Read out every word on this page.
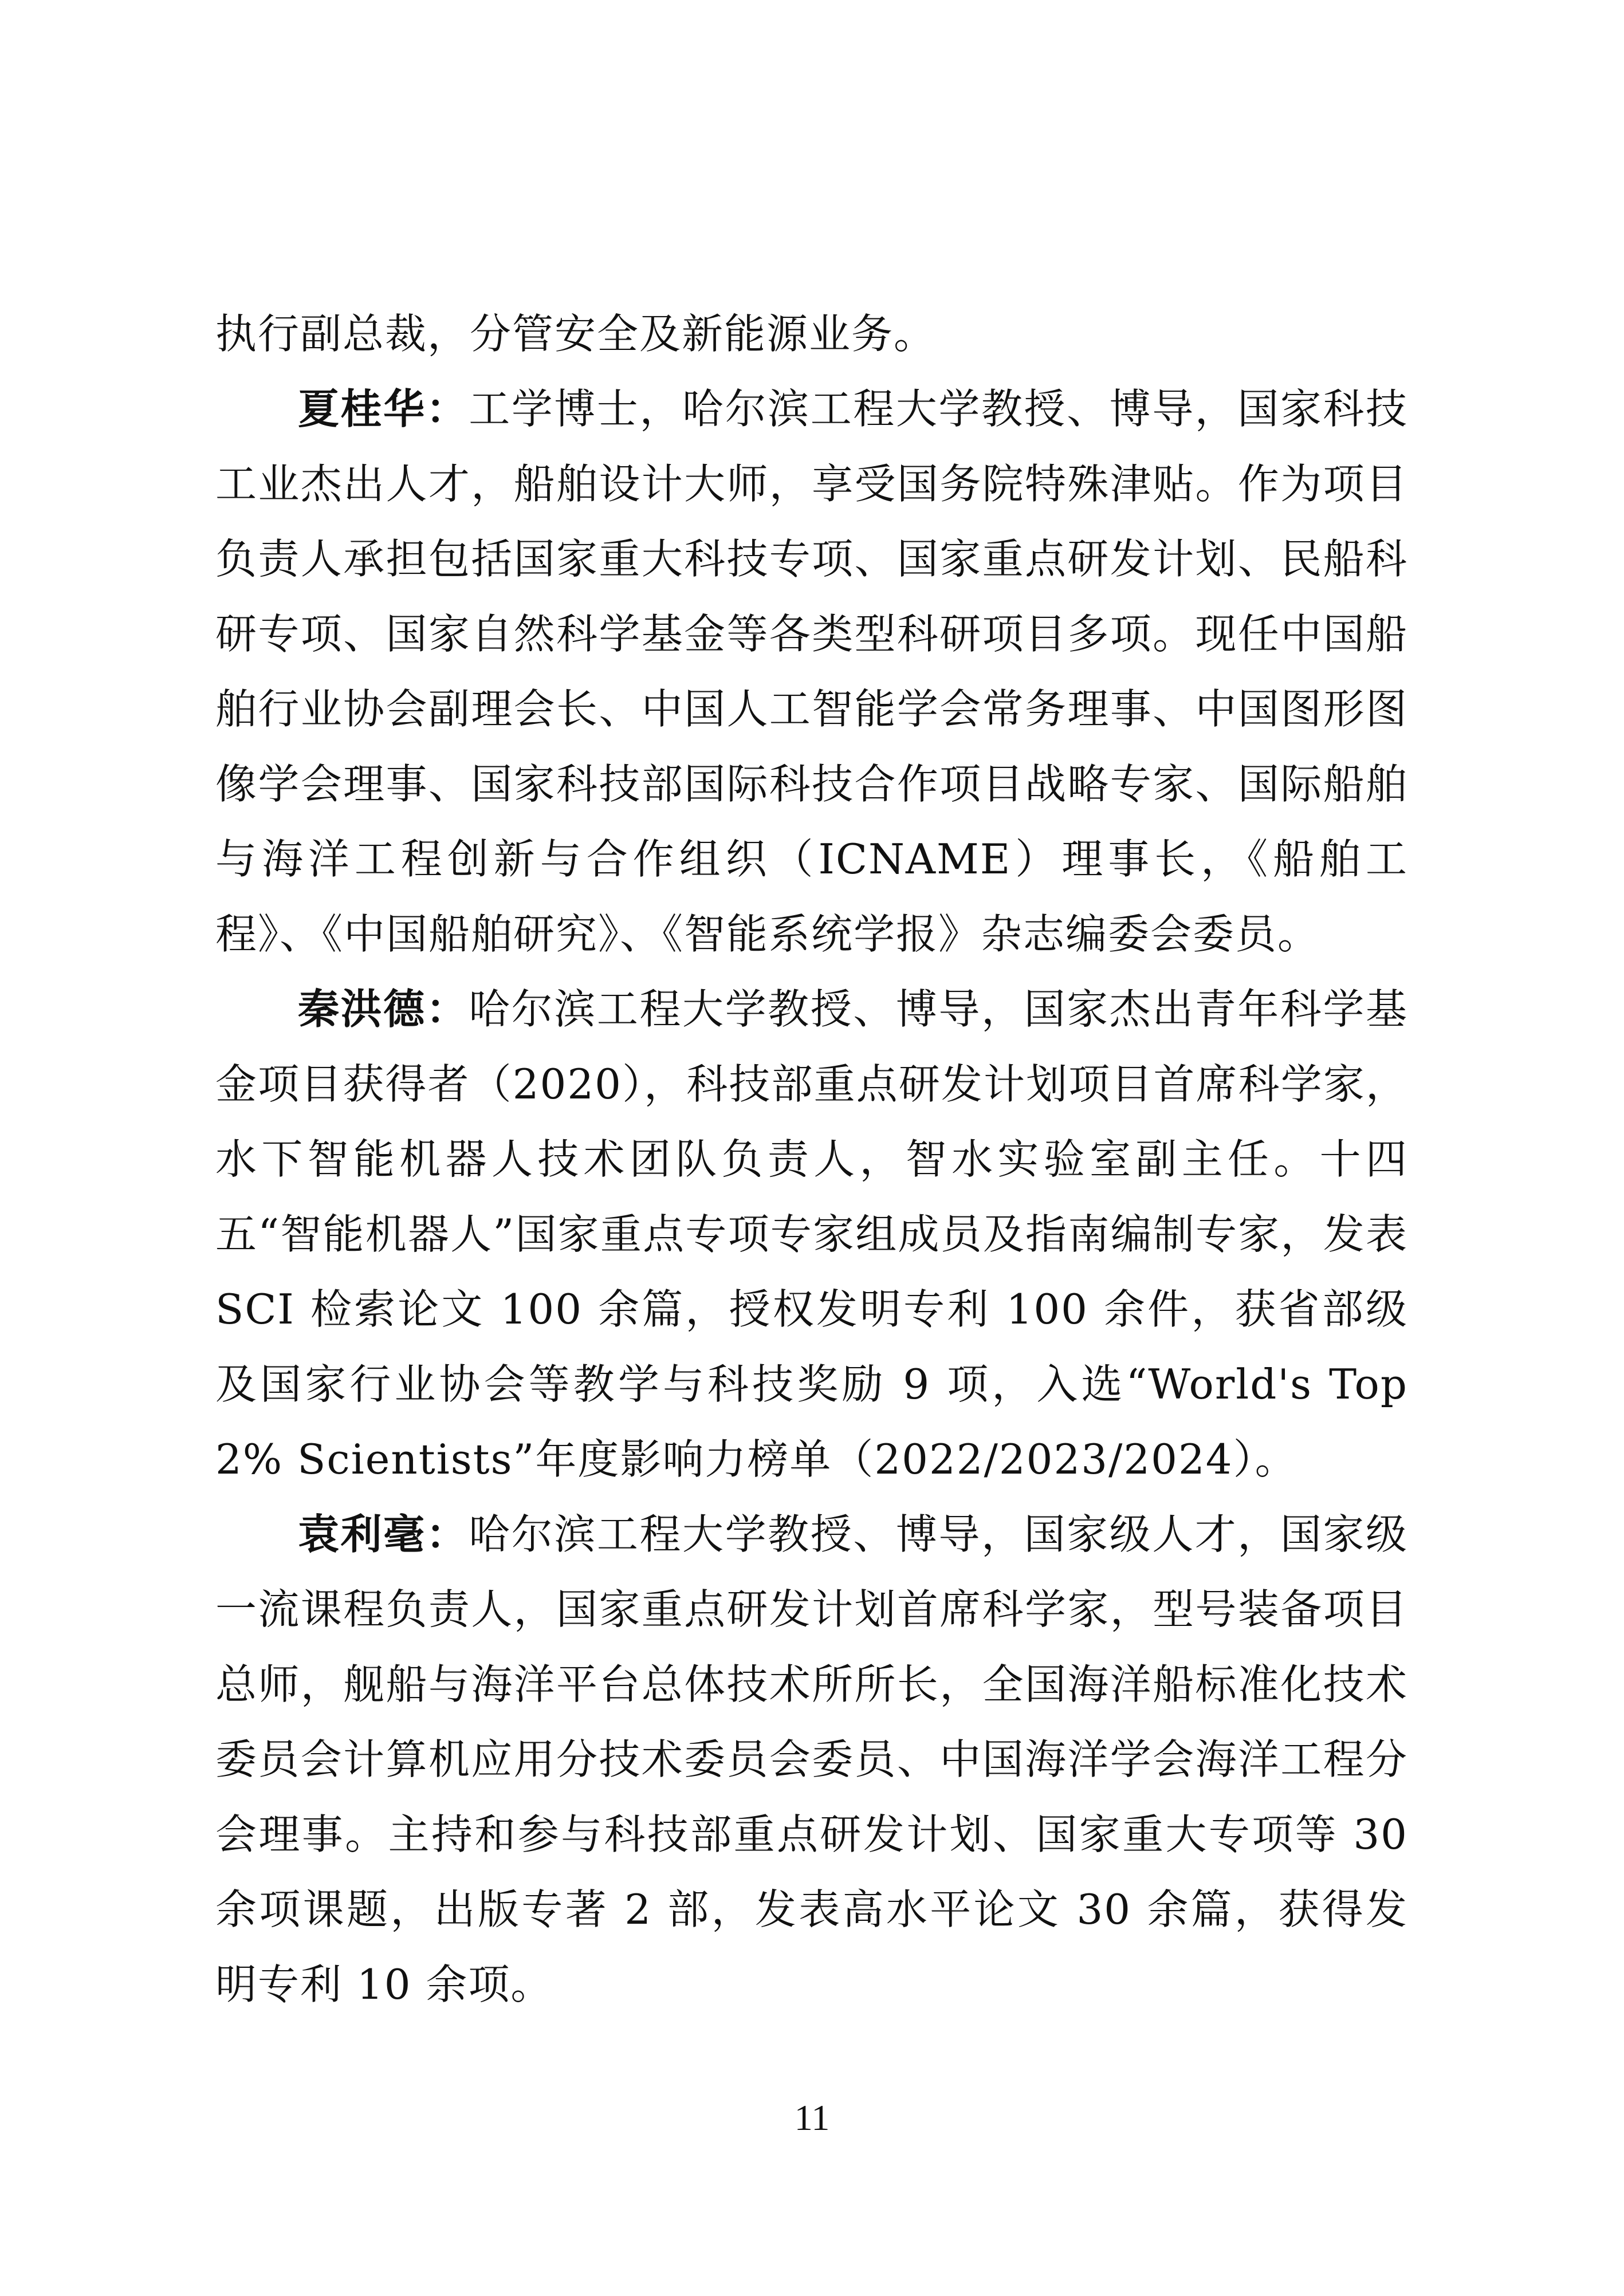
执行副总裁，分管安全及新能源业务。

夏桂华：工学博士，哈尔滨工程大学教授、博导，国家科技工业杰出人才，船舶设计大师，享受国务院特殊津贴。作为项目负责人承担包括国家重大科技专项、国家重点研发计划、民船科研专项、国家自然科学基金等各类型科研项目多项。现任中国船舶行业协会副理会长、中国人工智能学会常务理事、中国图形图像学会理事、国家科技部国际科技合作项目战略专家、国际船舶与海洋工程创新与合作组织（ICNAME）理事长，《船舶工程》、《中国船舶研究》、《智能系统学报》杂志编委会委员。

秦洪德：哈尔滨工程大学教授、博导，国家杰出青年科学基金项目获得者（2020），科技部重点研发计划项目首席科学家，水下智能机器人技术团队负责人，智水实验室副主任。十四五“智能机器人”国家重点专项专家组成员及指南编制专家，发表 SCI 检索论文 100 余篇，授权发明专利 100 余件，获省部级及国家行业协会等教学与科技奖励 9 项，入选“World's Top 2% Scientists”年度影响力榜单（2022/2023/2024）。

袁利毫：哈尔滨工程大学教授、博导，国家级人才，国家级一流课程负责人，国家重点研发计划首席科学家，型号装备项目总师，舰船与海洋平台总体技术所所长，全国海洋船标准化技术委员会计算机应用分技术委员会委员、中国海洋学会海洋工程分会理事。主持和参与科技部重点研发计划、国家重大专项等 30 余项课题，出版专著 2 部，发表高水平论文 30 余篇，获得发明专利 10 余项。

11
